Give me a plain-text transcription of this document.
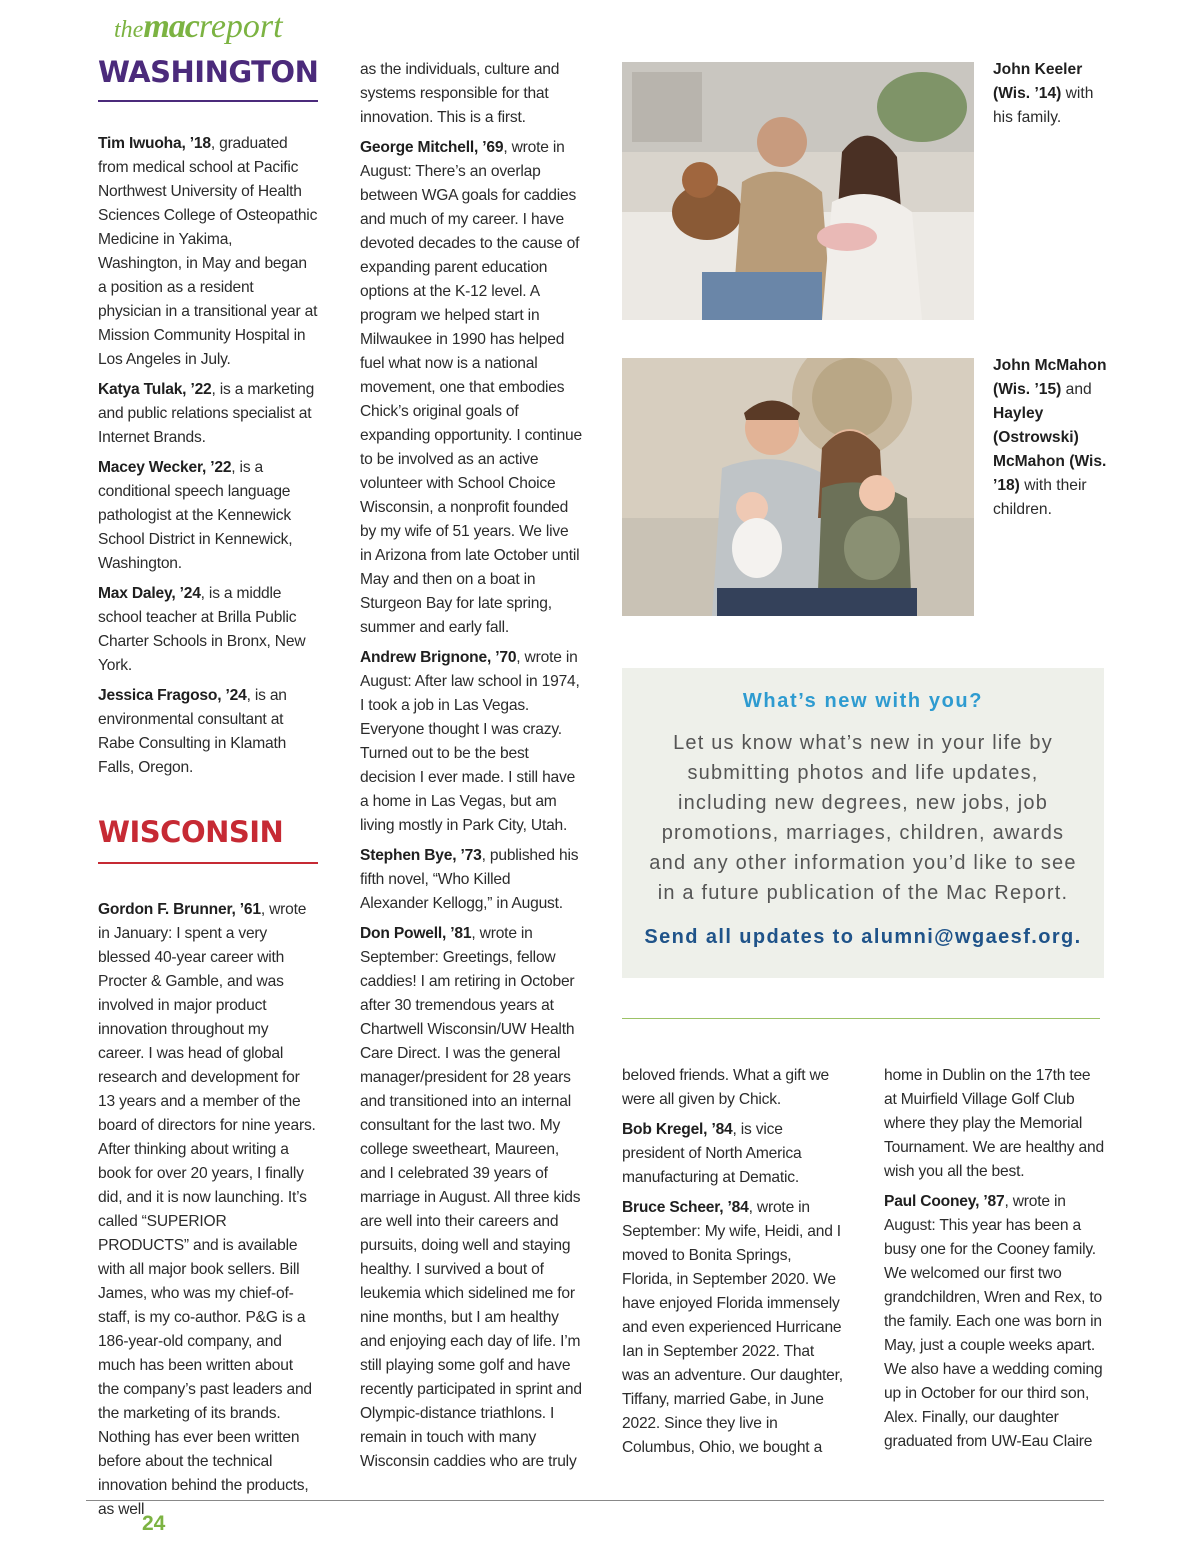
themacreport
WASHINGTON

Tim Iwuoha, ’18, graduated from medical school at Pacific Northwest University of Health Sciences College of Osteopathic Medicine in Yakima, Washington, in May and began a position as a resident physician in a transitional year at Mission Community Hospital in Los Angeles in July.

Katya Tulak, ’22, is a marketing and public relations specialist at Internet Brands.

Macey Wecker, ’22, is a conditional speech language pathologist at the Kennewick School District in Kennewick, Washington.

Max Daley, ’24, is a middle school teacher at Brilla Public Charter Schools in Bronx, New York.

Jessica Fragoso, ’24, is an environmental consultant at Rabe Consulting in Klamath Falls, Oregon.

WISCONSIN

Gordon F. Brunner, ’61, wrote in January: I spent a very blessed 40-year career with Procter & Gamble, and was involved in major product innovation throughout my career. I was head of global research and development for 13 years and a member of the board of directors for nine years. After thinking about writing a book for over 20 years, I finally did, and it is now launching. It’s called “SUPERIOR PRODUCTS” and is available with all major book sellers. Bill James, who was my chief-of-staff, is my co-author. P&G is a 186-year-old company, and much has been written about the company’s past leaders and the marketing of its brands. Nothing has ever been written before about the technical innovation behind the products, as well

as the individuals, culture and systems responsible for that innovation. This is a first.

George Mitchell, ’69, wrote in August: There’s an overlap between WGA goals for caddies and much of my career. I have devoted decades to the cause of expanding parent education options at the K-12 level. A program we helped start in Milwaukee in 1990 has helped fuel what now is a national movement, one that embodies Chick’s original goals of expanding opportunity. I continue to be involved as an active volunteer with School Choice Wisconsin, a nonprofit founded by my wife of 51 years. We live in Arizona from late October until May and then on a boat in Sturgeon Bay for late spring, summer and early fall.

Andrew Brignone, ’70, wrote in August: After law school in 1974, I took a job in Las Vegas. Everyone thought I was crazy. Turned out to be the best decision I ever made. I still have a home in Las Vegas, but am living mostly in Park City, Utah.

Stephen Bye, ’73, published his fifth novel, “Who Killed Alexander Kellogg,” in August.

Don Powell, ’81, wrote in September: Greetings, fellow caddies! I am retiring in October after 30 tremendous years at Chartwell Wisconsin/UW Health Care Direct. I was the general manager/president for 28 years and transitioned into an internal consultant for the last two. My college sweetheart, Maureen, and I celebrated 39 years of marriage in August. All three kids are well into their careers and pursuits, doing well and staying healthy. I survived a bout of leukemia which sidelined me for nine months, but I am healthy and enjoying each day of life. I’m still playing some golf and have recently participated in sprint and Olympic-distance triathlons. I remain in touch with many Wisconsin caddies who are truly

John Keeler (Wis. ’14) with his family.
John McMahon (Wis. ’15) and Hayley (Ostrowski) McMahon (Wis. ’18) with their children.
What’s new with you?
Let us know what’s new in your life by submitting photos and life updates, including new degrees, new jobs, job promotions, marriages, children, awards and any other information you’d like to see in a future publication of the Mac Report.
Send all updates to alumni@wgaesf.org.

beloved friends. What a gift we were all given by Chick.

Bob Kregel, ’84, is vice president of North America manufacturing at Dematic.

Bruce Scheer, ’84, wrote in September: My wife, Heidi, and I moved to Bonita Springs, Florida, in September 2020. We have enjoyed Florida immensely and even experienced Hurricane Ian in September 2022. That was an adventure. Our daughter, Tiffany, married Gabe, in June 2022. Since they live in Columbus, Ohio, we bought a

home in Dublin on the 17th tee at Muirfield Village Golf Club where they play the Memorial Tournament. We are healthy and wish you all the best.

Paul Cooney, ’87, wrote in August: This year has been a busy one for the Cooney family. We welcomed our first two grandchildren, Wren and Rex, to the family. Each one was born in May, just a couple weeks apart. We also have a wedding coming up in October for our third son, Alex. Finally, our daughter graduated from UW-Eau Claire

24
